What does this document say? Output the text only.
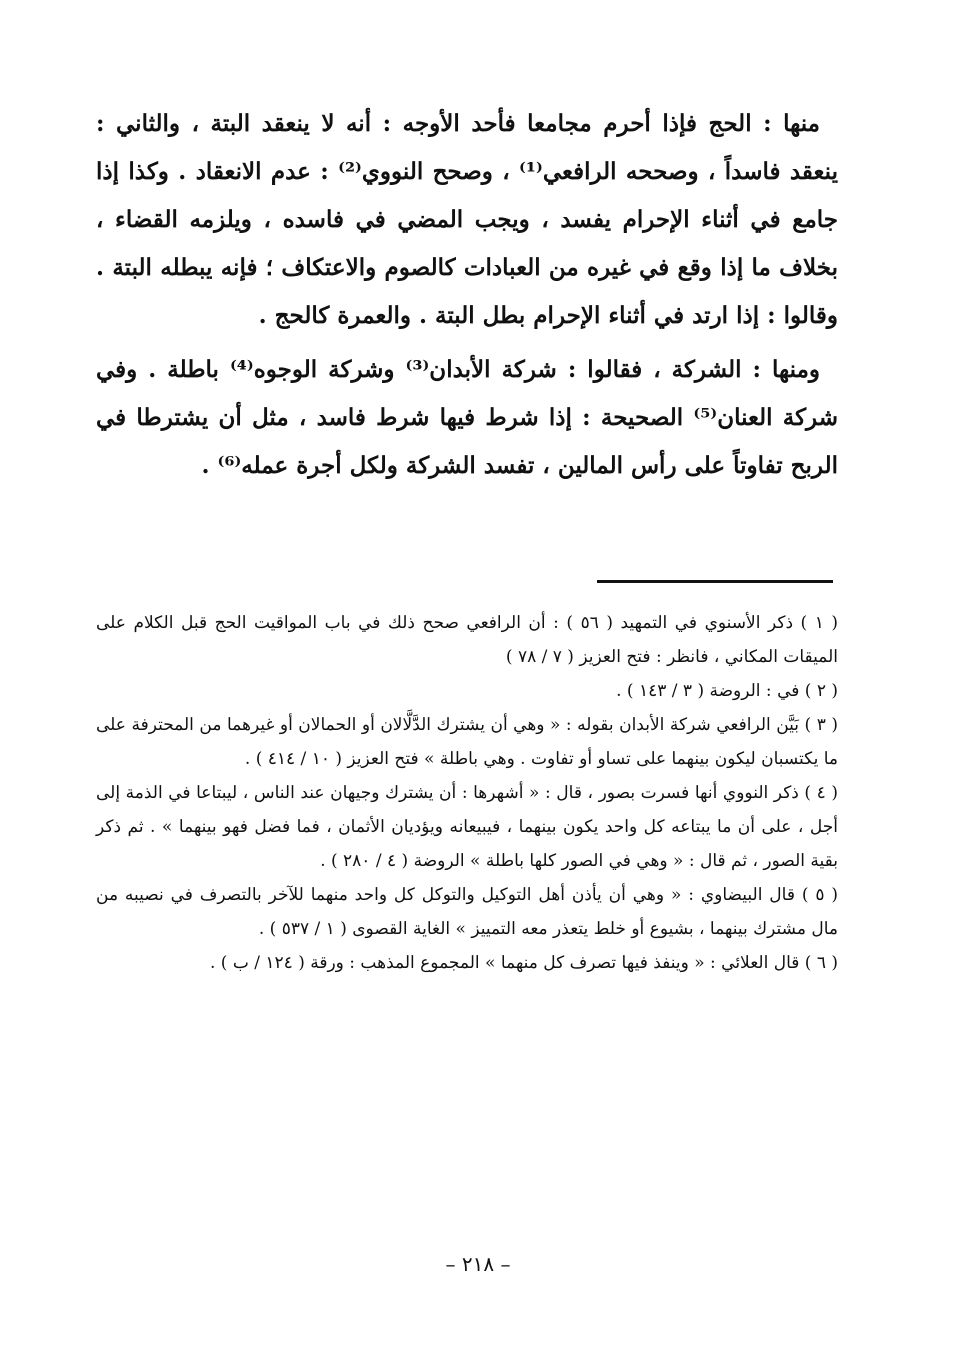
منها : الحج فإذا أحرم مجامعا فأحد الأوجه : أنه لا ينعقد البتة ، والثاني : ينعقد فاسداً ، وصححه الرافعي⁽¹⁾ ، وصحح النووي⁽²⁾ : عدم الانعقاد . وكذا إذا جامع في أثناء الإحرام يفسد ، ويجب المضي في فاسده ، ويلزمه القضاء ، بخلاف ما إذا وقع في غيره من العبادات كالصوم والاعتكاف ؛ فإنه يبطله البتة . وقالوا : إذا ارتد في أثناء الإحرام بطل البتة . والعمرة كالحج .

ومنها : الشركة ، فقالوا : شركة الأبدان⁽³⁾ وشركة الوجوه⁽⁴⁾ باطلة . وفي شركة العنان⁽⁵⁾ الصحيحة : إذا شرط فيها شرط فاسد ، مثل أن يشترطا في الربح تفاوتاً على رأس المالين ، تفسد الشركة ولكل أجرة عمله⁽⁶⁾ .

( ١ ) ذكر الأسنوي في التمهيد ( ٥٦ ) : أن الرافعي صحح ذلك في باب المواقيت الحج قبل الكلام على الميقات المكاني ، فانظر : فتح العزيز ( ٧ / ٧٨ )

( ٢ ) في : الروضة ( ٣ / ١٤٣ ) .

( ٣ ) بَيَّن الرافعي شركة الأبدان بقوله : « وهي أن يشترك الدَّلَّالان أو الحمالان أو غيرهما من المحترفة على ما يكتسبان ليكون بينهما على تساو أو تفاوت . وهي باطلة » فتح العزيز ( ١٠ / ٤١٤ ) .

( ٤ ) ذكر النووي أنها فسرت بصور ، قال : « أشهرها : أن يشترك وجيهان عند الناس ، ليبتاعا في الذمة إلى أجل ، على أن ما يبتاعه كل واحد يكون بينهما ، فيبيعانه ويؤديان الأثمان ، فما فضل فهو بينهما » . ثم ذكر بقية الصور ، ثم قال : « وهي في الصور كلها باطلة » الروضة ( ٤ / ٢٨٠ ) .

( ٥ ) قال البيضاوي : « وهي أن يأذن أهل التوكيل والتوكل كل واحد منهما للآخر بالتصرف في نصيبه من مال مشترك بينهما ، بشيوع أو خلط يتعذر معه التمييز » الغاية القصوى ( ١ / ٥٣٧ ) .

( ٦ ) قال العلائي : « وينفذ فيها تصرف كل منهما » المجموع المذهب : ورقة ( ١٢٤ / ب ) .

– ٢١٨ –
